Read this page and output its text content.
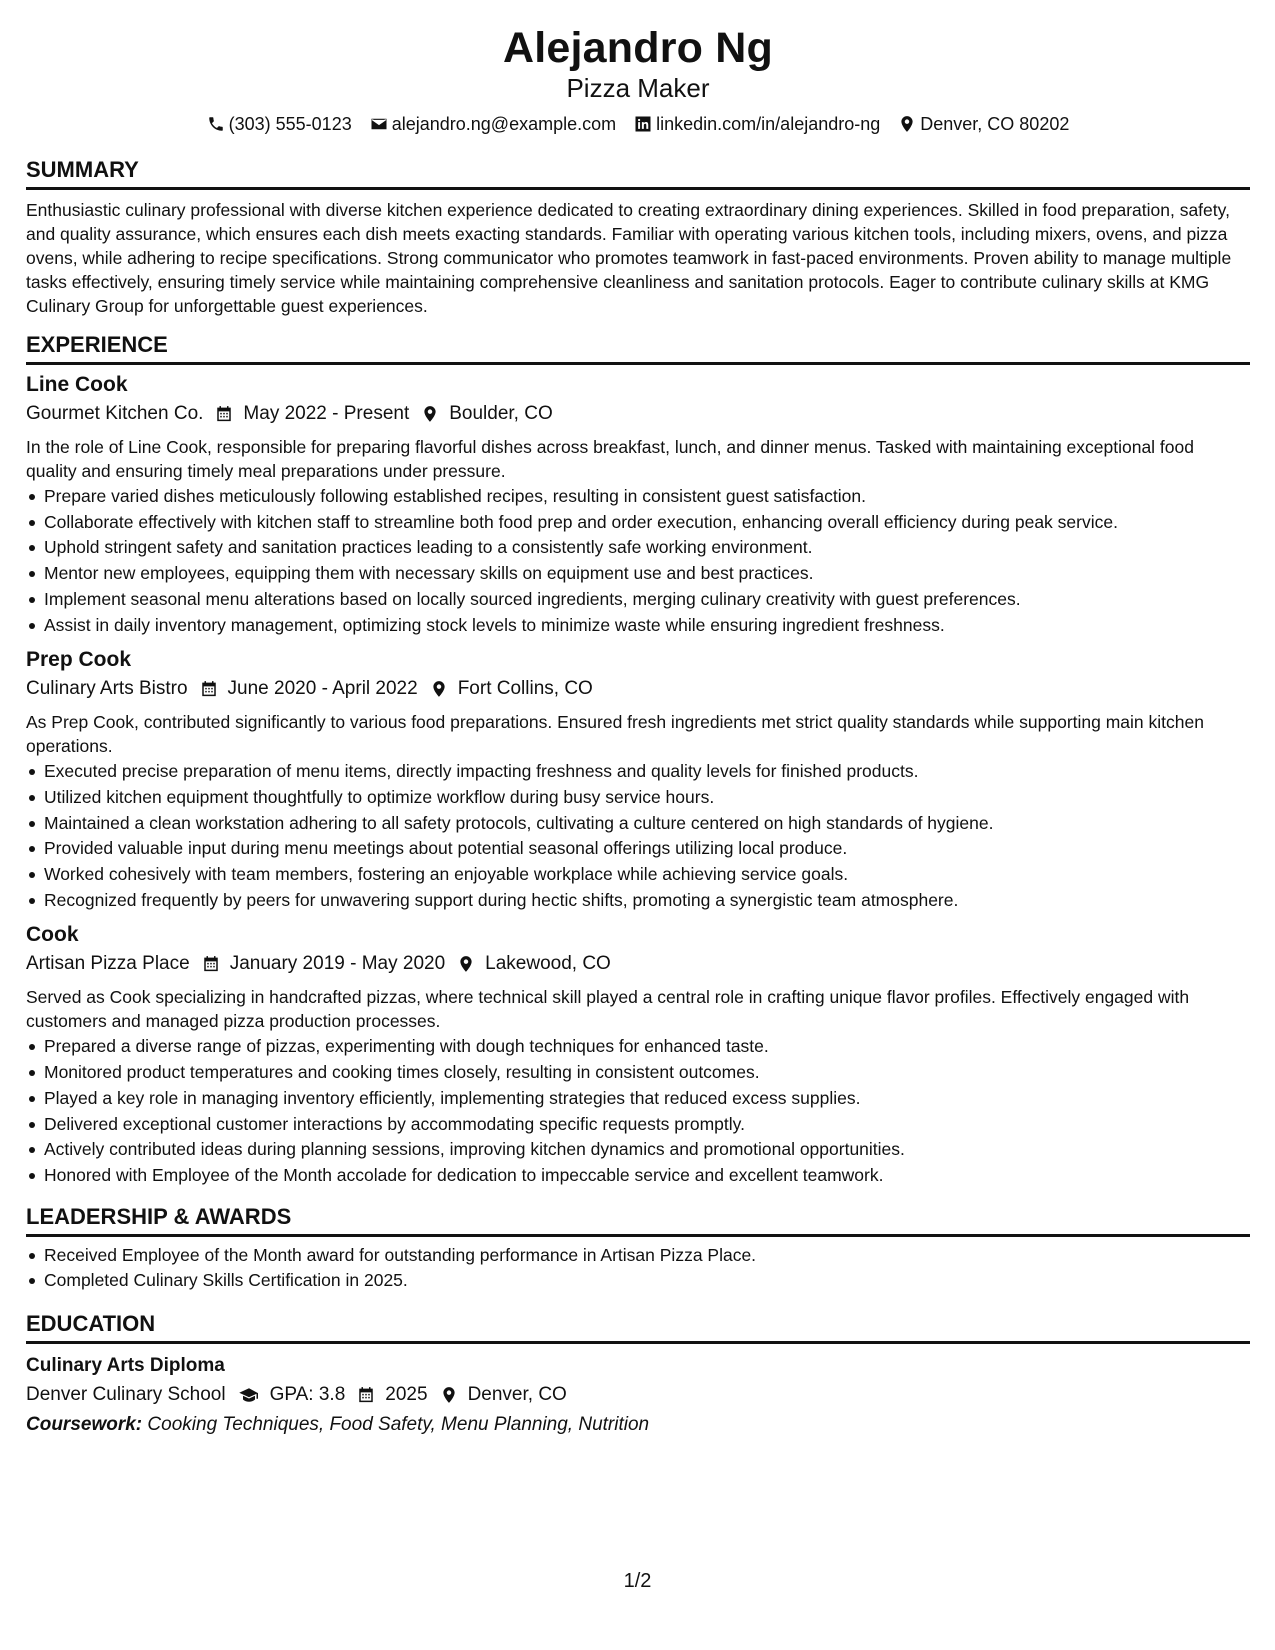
Alejandro Ng
Pizza Maker
(303) 555-0123 alejandro.ng@example.com linkedin.com/in/alejandro-ng Denver, CO 80202
SUMMARY
Enthusiastic culinary professional with diverse kitchen experience dedicated to creating extraordinary dining experiences. Skilled in food preparation, safety, and quality assurance, which ensures each dish meets exacting standards. Familiar with operating various kitchen tools, including mixers, ovens, and pizza ovens, while adhering to recipe specifications. Strong communicator who promotes teamwork in fast-paced environments. Proven ability to manage multiple tasks effectively, ensuring timely service while maintaining comprehensive cleanliness and sanitation protocols. Eager to contribute culinary skills at KMG Culinary Group for unforgettable guest experiences.
EXPERIENCE
Line Cook
Gourmet Kitchen Co. May 2022 - Present Boulder, CO
In the role of Line Cook, responsible for preparing flavorful dishes across breakfast, lunch, and dinner menus. Tasked with maintaining exceptional food quality and ensuring timely meal preparations under pressure.
Prepare varied dishes meticulously following established recipes, resulting in consistent guest satisfaction.
Collaborate effectively with kitchen staff to streamline both food prep and order execution, enhancing overall efficiency during peak service.
Uphold stringent safety and sanitation practices leading to a consistently safe working environment.
Mentor new employees, equipping them with necessary skills on equipment use and best practices.
Implement seasonal menu alterations based on locally sourced ingredients, merging culinary creativity with guest preferences.
Assist in daily inventory management, optimizing stock levels to minimize waste while ensuring ingredient freshness.
Prep Cook
Culinary Arts Bistro June 2020 - April 2022 Fort Collins, CO
As Prep Cook, contributed significantly to various food preparations. Ensured fresh ingredients met strict quality standards while supporting main kitchen operations.
Executed precise preparation of menu items, directly impacting freshness and quality levels for finished products.
Utilized kitchen equipment thoughtfully to optimize workflow during busy service hours.
Maintained a clean workstation adhering to all safety protocols, cultivating a culture centered on high standards of hygiene.
Provided valuable input during menu meetings about potential seasonal offerings utilizing local produce.
Worked cohesively with team members, fostering an enjoyable workplace while achieving service goals.
Recognized frequently by peers for unwavering support during hectic shifts, promoting a synergistic team atmosphere.
Cook
Artisan Pizza Place January 2019 - May 2020 Lakewood, CO
Served as Cook specializing in handcrafted pizzas, where technical skill played a central role in crafting unique flavor profiles. Effectively engaged with customers and managed pizza production processes.
Prepared a diverse range of pizzas, experimenting with dough techniques for enhanced taste.
Monitored product temperatures and cooking times closely, resulting in consistent outcomes.
Played a key role in managing inventory efficiently, implementing strategies that reduced excess supplies.
Delivered exceptional customer interactions by accommodating specific requests promptly.
Actively contributed ideas during planning sessions, improving kitchen dynamics and promotional opportunities.
Honored with Employee of the Month accolade for dedication to impeccable service and excellent teamwork.
LEADERSHIP & AWARDS
Received Employee of the Month award for outstanding performance in Artisan Pizza Place.
Completed Culinary Skills Certification in 2025.
EDUCATION
Culinary Arts Diploma
Denver Culinary School GPA: 3.8 2025 Denver, CO
Coursework: Cooking Techniques, Food Safety, Menu Planning, Nutrition
1/2
